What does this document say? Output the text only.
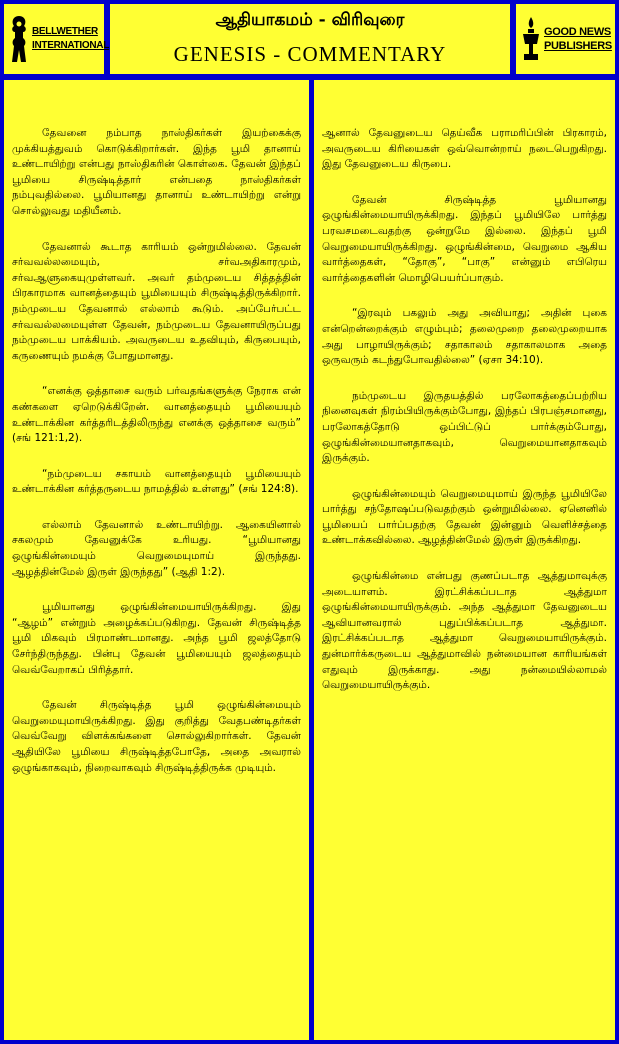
BELLWETHER
INTERNATIONAL
ஆதியாகமம் - விரிவுரை
GENESIS - COMMENTARY
GOOD NEWS
PUBLISHERS

தேவனை நம்பாத நாஸ்திகர்கள் இயற்கைக்கு முக்கியத்துவம் கொடுக்கிறார்கள். இந்த பூமி தானாய் உண்டாயிற்று என்பது நாஸ்திகரின் கொள்கை. தேவன் இந்தப் பூமியை சிருஷ்டித்தார் என்பதை நாஸ்திகர்கள் நம்புவதில்லை. பூமியானது தானாய் உண்டாயிற்று என்று சொல்லுவது மதியீனம்.

தேவனால் கூடாத காரியம் ஒன்றுமில்லை. தேவன் சர்வவல்லமையும், சர்வஅதிகாரமும், சர்வஆளுகையுமுள்ளவர். அவர் தம்முடைய சித்தத்தின் பிரகாரமாக வானத்தையும் பூமியையும் சிருஷ்டித்திருக்கிறார். நம்முடைய தேவனால் எல்லாம் கூடும். அப்பேர்பட்ட சர்வவல்லமையுள்ள தேவன், நம்முடைய தேவனாயிருப்பது நம்முடைய பாக்கியம். அவருடைய உதவியும், கிருபையும், கருணையும் நமக்கு போதுமானது.

“எனக்கு ஒத்தாசை வரும் பர்வதங்களுக்கு நேராக என் கண்களை ஏறெடுக்கிறேன். வானத்தையும் பூமியையும் உண்டாக்கின கர்த்தரிடத்திலிருந்து எனக்கு ஒத்தாசை வரும்” (சங் 121:1,2).

“நம்முடைய சகாயம் வானத்தையும் பூமியையும் உண்டாக்கின கர்த்தருடைய நாமத்தில் உள்ளது” (சங் 124:8).

எல்லாம் தேவனால் உண்டாயிற்று. ஆகையினால் சகலமும் தேவனுக்கே உரியது. “பூமியானது ஒழுங்கின்மையும் வெறுமையுமாய் இருந்தது. ஆழத்தின்மேல் இருள் இருந்தது” (ஆதி 1:2).

பூமியானது ஒழுங்கின்மையாயிருக்கிறது. இது “ஆழம்” என்றும் அழைக்கப்படுகிறது. தேவன் சிருஷ்டித்த பூமி மிகவும் பிரமாண்டமானது. அந்த பூமி ஜலத்தோடு சேர்ந்திருந்தது. பின்பு தேவன் பூமியையும் ஜலத்தையும் வெவ்வேறாகப் பிரித்தார்.

தேவன் சிருஷ்டித்த பூமி ஒழுங்கின்மையும் வெறுமையுமாயிருக்கிறது. இது குறித்து வேதபண்டிதர்கள் வெவ்வேறு விளக்கங்களை சொல்லுகிறார்கள். தேவன் ஆதியிலே பூமியை சிருஷ்டித்தபோதே, அதை அவரால் ஒழுங்காகவும், நிறைவாகவும் சிருஷ்டித்திருக்க முடியும்.

ஆனால் தேவனுடைய தெய்வீக பராமரிப்பின் பிரகாரம், அவருடைய கிரியைகள் ஒவ்வொன்றாய் நடைபெறுகிறது. இது தேவனுடைய கிருபை.

தேவன் சிருஷ்டித்த பூமியானது ஒழுங்கின்மையாயிருக்கிறது. இந்தப் பூமியிலே பார்த்து பரவசமடைவதற்கு ஒன்றுமே இல்லை. இந்தப் பூமி வெறுமையாயிருக்கிறது. ஒழுங்கின்மை, வெறுமை ஆகிய வார்த்தைகள், “தோகு”, “பாகு” என்னும் எபிரெய வார்த்தைகளின் மொழிபெயர்ப்பாகும்.

“இரவும் பகலும் அது அவியாது; அதின் புகை என்றென்றைக்கும் எழும்பும்; தலைமுறை தலைமுறையாக அது பாழாயிருக்கும்; சதாகாலம் சதாகாலமாக அதை ஒருவரும் கடந்துபோவதில்லை” (ஏசா 34:10).

நம்முடைய இருதயத்தில் பரலோகத்தைப்பற்றிய நினைவுகள் நிரம்பியிருக்கும்போது, இந்தப் பிரபஞ்சமானது, பரலோகத்தோடு ஒப்பிட்டுப் பார்க்கும்போது, ஒழுங்கின்மையானதாகவும், வெறுமையானதாகவும் இருக்கும்.

ஒழுங்கின்மையும் வெறுமையுமாய் இருந்த பூமியிலே பார்த்து சந்தோஷப்படுவதற்கும் ஒன்றுமில்லை. ஏனெனில் பூமியைப் பார்ப்பதற்கு தேவன் இன்னும் வெளிச்சத்தை உண்டாக்கவில்லை. ஆழத்தின்மேல் இருள் இருக்கிறது.

ஒழுங்கின்மை என்பது குணப்படாத ஆத்துமாவுக்கு அடையாளம். இரட்சிக்கப்படாத ஆத்துமா ஒழுங்கின்மையாயிருக்கும். அந்த ஆத்துமா தேவனுடைய ஆவியானவரால் புதுப்பிக்கப்படாத ஆத்துமா. இரட்சிக்கப்படாத ஆத்துமா வெறுமையாயிருக்கும். துன்மார்க்கருடைய ஆத்துமாவில் நன்மையான காரியங்கள் எதுவும் இருக்காது. அது நன்மையில்லாமல் வெறுமையாயிருக்கும்.
